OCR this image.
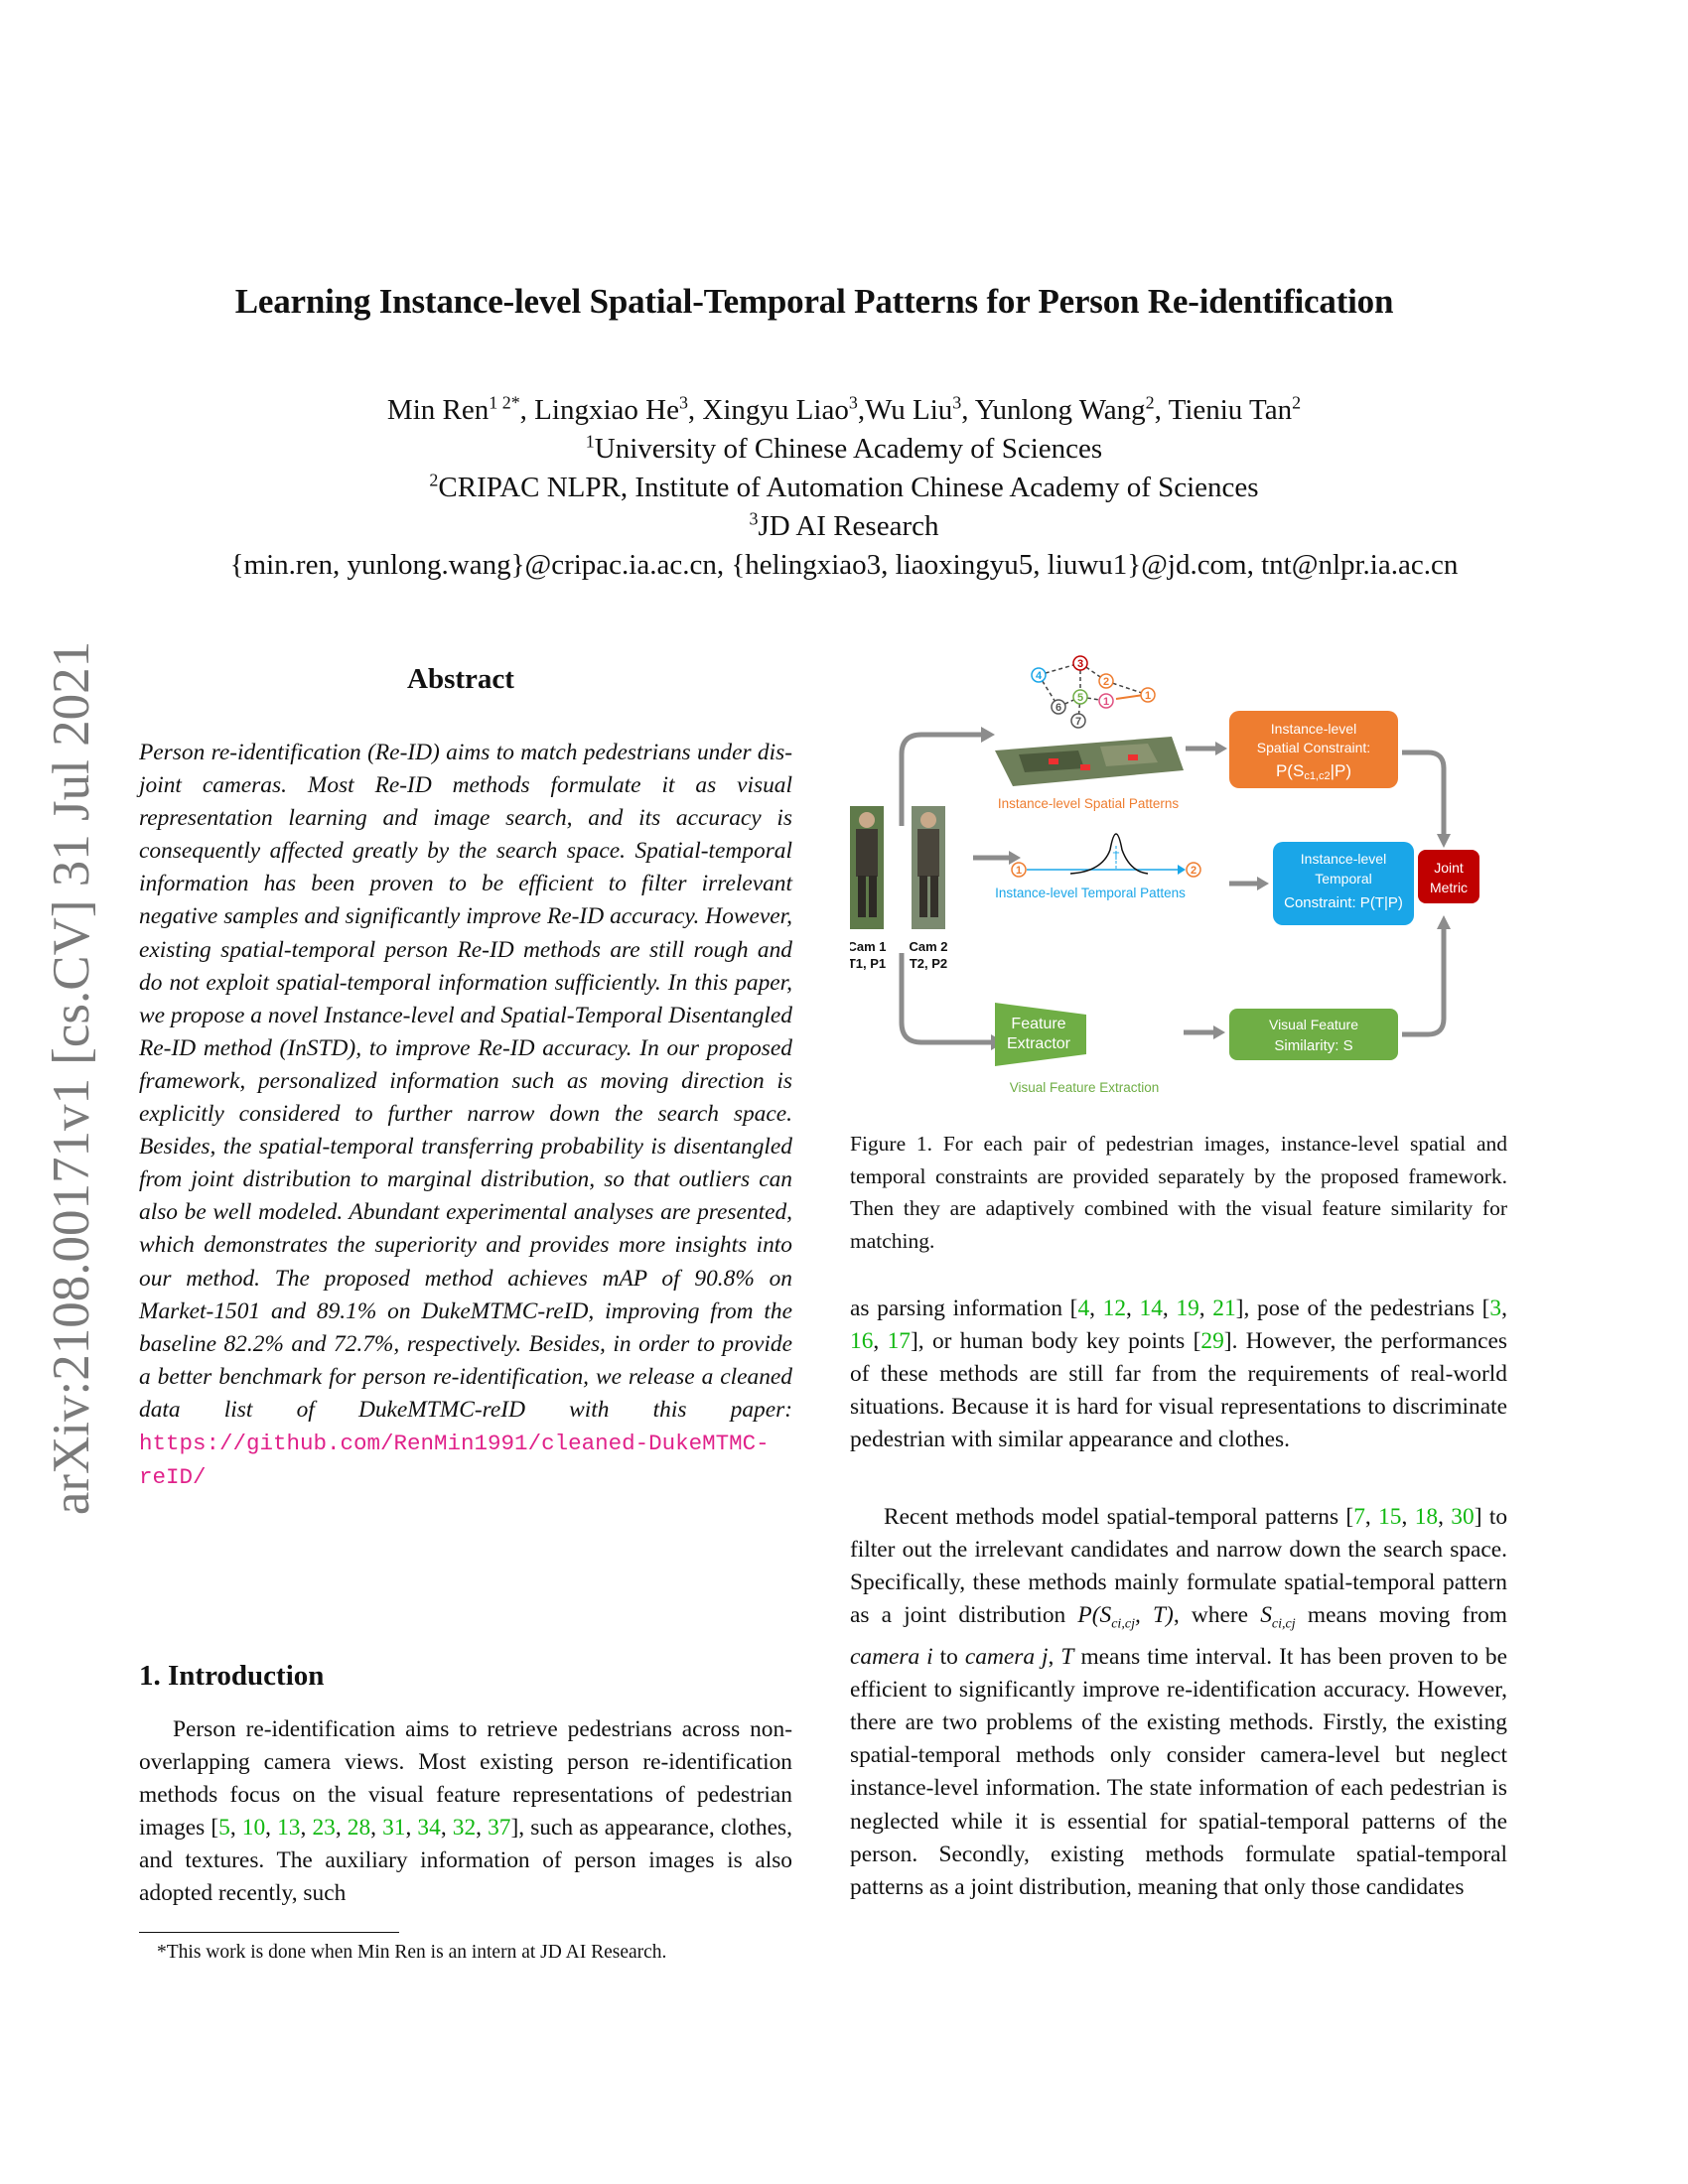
arXiv:2108.00171v1 [cs.CV] 31 Jul 2021
Learning Instance-level Spatial-Temporal Patterns for Person Re-identification
Min Ren$^{1 2*}$, Lingxiao He$^3$, Xingyu Liao$^3$,Wu Liu$^3$, Yunlong Wang$^2$, Tieniu Tan$^2$
$^1$University of Chinese Academy of Sciences
$^2$CRIPAC NLPR, Institute of Automation Chinese Academy of Sciences
$^3$JD AI Research
{min.ren, yunlong.wang}@cripac.ia.ac.cn, {helingxiao3, liaoxingyu5, liuwu1}@jd.com, tnt@nlpr.ia.ac.cn
Abstract
Person re-identification (Re-ID) aims to match pedestrians under dis-joint cameras. Most Re-ID methods formulate it as visual representation learning and image search, and its accuracy is consequently affected greatly by the search space. Spatial-temporal information has been proven to be efficient to filter irrelevant negative samples and significantly improve Re-ID accuracy. However, existing spatial-temporal person Re-ID methods are still rough and do not exploit spatial-temporal information sufficiently. In this paper, we propose a novel Instance-level and Spatial-Temporal Disentangled Re-ID method (InSTD), to improve Re-ID accuracy. In our proposed framework, personalized information such as moving direction is explicitly considered to further narrow down the search space. Besides, the spatial-temporal transferring probability is disentangled from joint distribution to marginal distribution, so that outliers can also be well modeled. Abundant experimental analyses are presented, which demonstrates the superiority and provides more insights into our method. The proposed method achieves mAP of 90.8% on Market-1501 and 89.1% on DukeMTMC-reID, improving from the baseline 82.2% and 72.7%, respectively. Besides, in order to provide a better benchmark for person re-identification, we release a cleaned data list of DukeMTMC-reID with this paper: https://github.com/RenMin1991/cleaned-DukeMTMC-reID/
1. Introduction
Person re-identification aims to retrieve pedestrians across non-overlapping camera views. Most existing person re-identification methods focus on the visual feature representations of pedestrian images [5, 10, 13, 23, 28, 31, 34, 32, 37], such as appearance, clothes, and textures. The auxiliary information of person images is also adopted recently, such
*This work is done when Min Ren is an intern at JD AI Research.
Cam 1
T1, P1
Cam 2
T2, P2
4
3
2
5
6	1
7
1
Instance-level Spatial Patterns
T
1	2
Instance-level Temporal Pattens
Feature
Extractor
Visual Feature Extraction
Instance-level
Spatial Constraint:
P(Sc1,c2|P)
Instance-level
Temporal
Constraint: P(T|P)
Visual Feature
Similarity: S
Joint
Metric
Figure 1. For each pair of pedestrian images, instance-level spatial and temporal constraints are provided separately by the proposed framework. Then they are adaptively combined with the visual feature similarity for matching.
as parsing information [4, 12, 14, 19, 21], pose of the pedestrians [3, 16, 17], or human body key points [29]. However, the performances of these methods are still far from the requirements of real-world situations. Because it is hard for visual representations to discriminate pedestrian with similar appearance and clothes.
Recent methods model spatial-temporal patterns [7, 15, 18, 30] to filter out the irrelevant candidates and narrow down the search space. Specifically, these methods mainly formulate spatial-temporal pattern as a joint distribution $P(S_{ci,cj}$, T), where $S_{ci,cj}$ means moving from camera i to camera j, T means time interval. It has been proven to be efficient to significantly improve re-identification accuracy. However, there are two problems of the existing methods. Firstly, the existing spatial-temporal methods only consider camera-level but neglect instance-level information. The state information of each pedestrian is neglected while it is essential for spatial-temporal patterns of the person. Secondly, existing methods formulate spatial-temporal patterns as a joint distribution, meaning that only those candidates
